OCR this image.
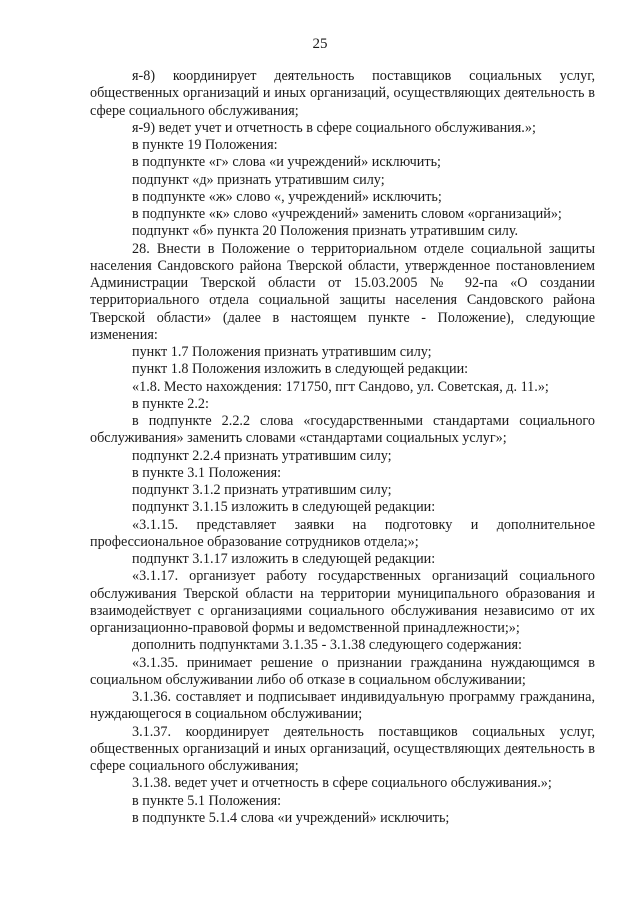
25

я-8) координирует деятельность поставщиков социальных услуг, общественных организаций и иных организаций, осуществляющих деятельность в сфере социального обслуживания;

я-9) ведет учет и отчетность в сфере социального обслуживания.»;

в пункте 19 Положения:

в подпункте «г» слова «и учреждений» исключить;

подпункт «д» признать утратившим силу;

в подпункте «ж» слово «, учреждений» исключить;

в подпункте «к» слово «учреждений» заменить словом «организаций»;

подпункт «б» пункта 20 Положения признать утратившим силу.

28. Внести в Положение о территориальном отделе социальной защиты населения Сандовского района Тверской области, утвержденное постановлением Администрации Тверской области от 15.03.2005 № 92-па «О создании территориального отдела социальной защиты населения Сандовского района Тверской области» (далее в настоящем пункте - Положение), следующие изменения:

пункт 1.7 Положения признать утратившим силу;

пункт 1.8 Положения изложить в следующей редакции:

«1.8. Место нахождения: 171750, пгт Сандово, ул. Советская, д. 11.»;

в пункте 2.2:

в подпункте 2.2.2 слова «государственными стандартами социального обслуживания» заменить словами «стандартами социальных услуг»;

подпункт 2.2.4 признать утратившим силу;

в пункте 3.1 Положения:

подпункт 3.1.2 признать утратившим силу;

подпункт 3.1.15 изложить в следующей редакции:

«3.1.15. представляет заявки на подготовку и дополнительное профессиональное образование сотрудников отдела;»;

подпункт 3.1.17 изложить в следующей редакции:

«3.1.17. организует работу государственных организаций социального обслуживания Тверской области на территории муниципального образования и взаимодействует с организациями социального обслуживания независимо от их организационно-правовой формы и ведомственной принадлежности;»;

дополнить подпунктами 3.1.35 - 3.1.38 следующего содержания:

«3.1.35. принимает решение о признании гражданина нуждающимся в социальном обслуживании либо об отказе в социальном обслуживании;

3.1.36. составляет и подписывает индивидуальную программу гражданина, нуждающегося в социальном обслуживании;

3.1.37. координирует деятельность поставщиков социальных услуг, общественных организаций и иных организаций, осуществляющих деятельность в сфере социального обслуживания;

3.1.38. ведет учет и отчетность в сфере социального обслуживания.»;

в пункте 5.1 Положения:

в подпункте 5.1.4 слова «и учреждений» исключить;
